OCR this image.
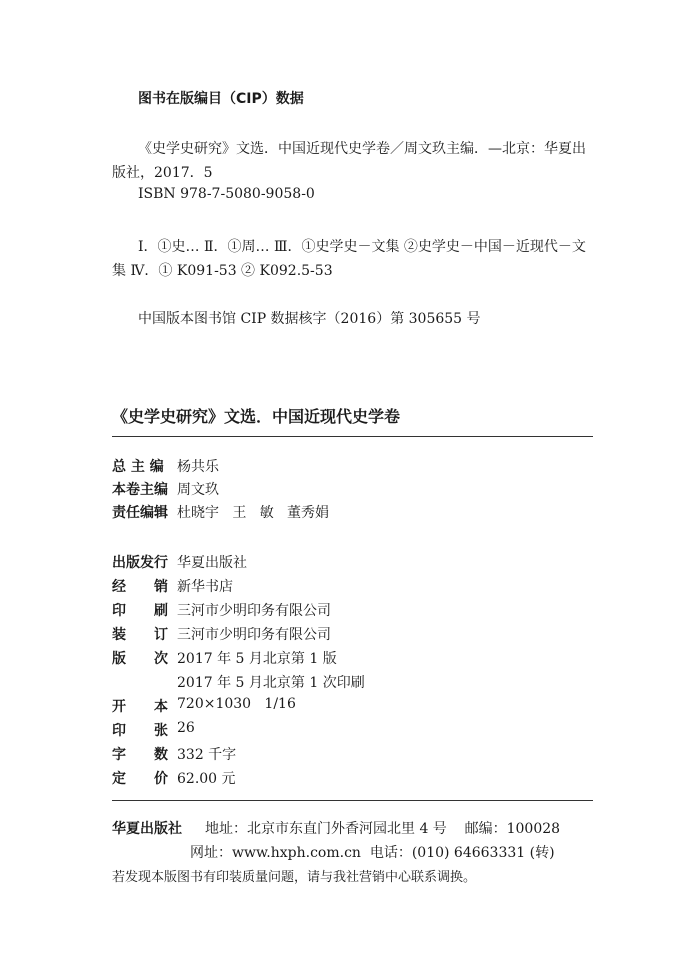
图书在版编目（CIP）数据
《史学史研究》文选．中国近现代史学卷／周文玖主编．—北京：华夏出
版社，2017．5
ISBN 978-7-5080-9058-0
Ⅰ．①史… Ⅱ．①周… Ⅲ．①史学史－文集 ②史学史－中国－近现代－文
集 Ⅳ．① K091-53 ② K092.5-53
中国版本图书馆 CIP 数据核字（2016）第 305655 号
《史学史研究》文选．中国近现代史学卷
总 主 编 杨共乐
本卷主编 周文玖
责任编辑 杜晓宇   王   敏   董秀娟
出版发行 华夏出版社
经　　销 新华书店
印　　刷 三河市少明印务有限公司
装　　订 三河市少明印务有限公司
版　　次 2017 年 5 月北京第 1 版
2017 年 5 月北京第 1 次印刷
开　　本 720×1030   1/16
印　　张 26
字　　数 332 千字
定　　价 62.00 元
华夏出版社 地址：北京市东直门外香河园北里 4 号    邮编：100028
网址：www.hxph.com.cn  电话：(010) 64663331 (转)
若发现本版图书有印装质量问题，请与我社营销中心联系调换。
